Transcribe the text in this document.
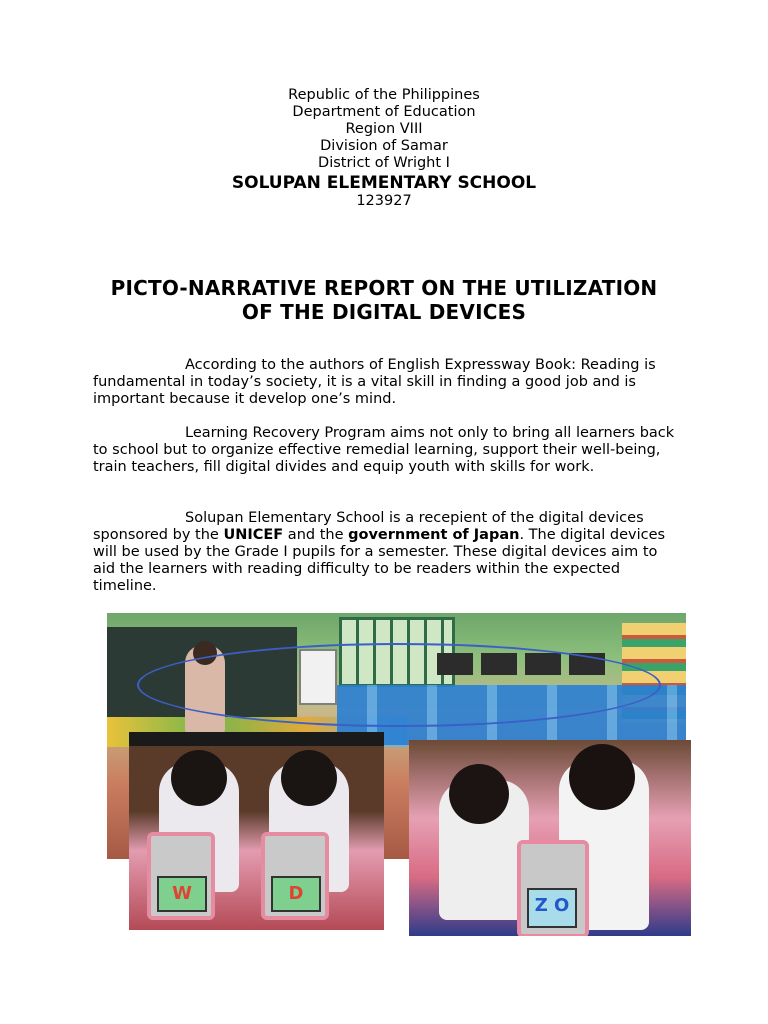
Republic of the Philippines
Department of Education
Region VIII
Division of Samar
District of Wright I
SOLUPAN ELEMENTARY SCHOOL
123927
PICTO-NARRATIVE REPORT ON THE UTILIZATION
OF THE DIGITAL DEVICES

According to the authors of English Expressway Book: Reading is fundamental in today’s society, it is a vital skill in finding a good job and is important because it develop one’s mind.

Learning Recovery Program aims not only to bring all learners back to school but to organize effective remedial learning, support their well-being, train teachers, fill digital divides and equip youth with skills for work.

Solupan Elementary School is a recepient of the digital devices sponsored by the UNICEF and the government of Japan. The digital devices will be used by the Grade I pupils for a semester. These digital devices aim to aid the learners with reading difficulty to be readers within the expected timeline.

W	D
Z O
